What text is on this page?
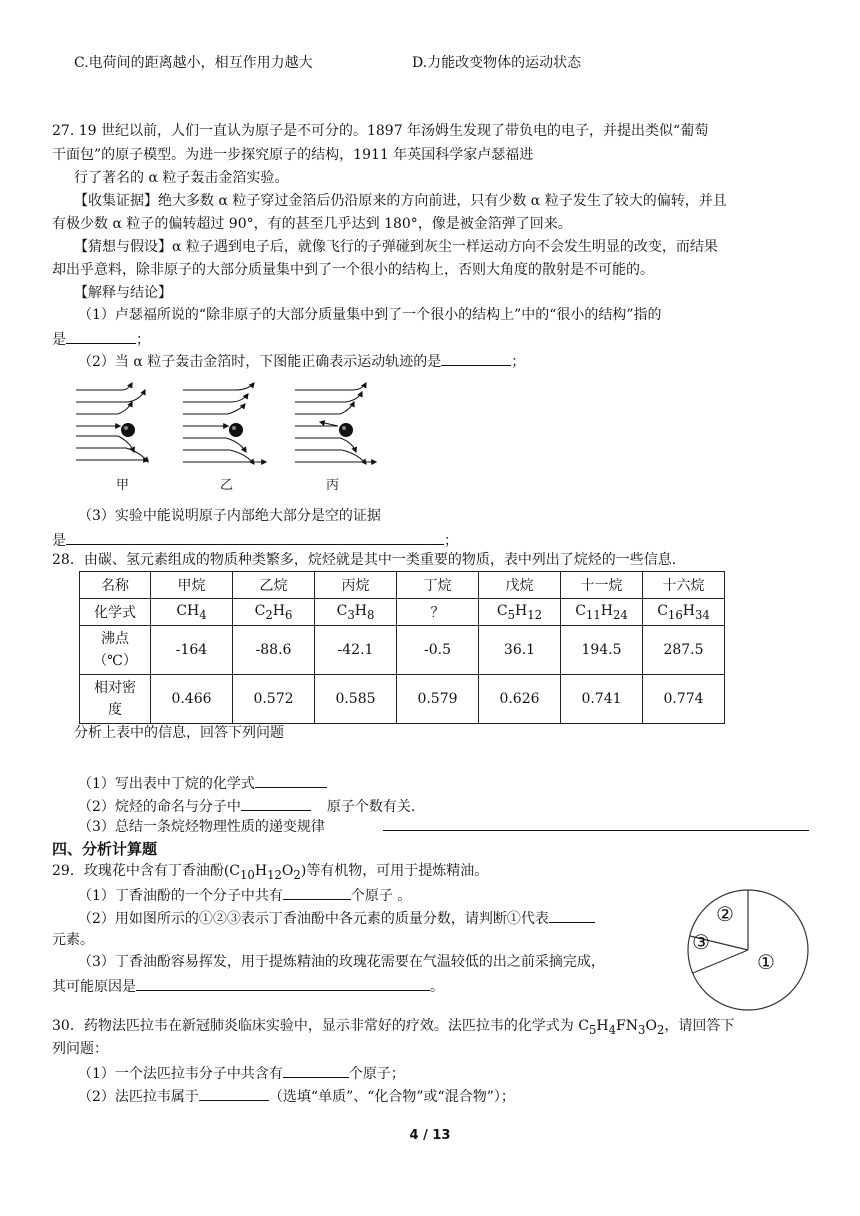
C.电荷间的距离越小，相互作用力越大	D.力能改变物体的运动状态
27. 19 世纪以前，人们一直认为原子是不可分的。1897 年汤姆生发现了带负电的电子，并提出类似“葡萄
干面包”的原子模型。为进一步探究原子的结构，1911 年英国科学家卢瑟福进
行了著名的 α 粒子轰击金箔实验。
【收集证据】绝大多数 α 粒子穿过金箔后仍沿原来的方向前进，只有少数 α 粒子发生了较大的偏转，并且
有极少数 α 粒子的偏转超过 90°，有的甚至几乎达到 180°，像是被金箔弹了回来。
【猜想与假设】α 粒子遇到电子后，就像飞行的子弹碰到灰尘一样运动方向不会发生明显的改变，而结果
却出乎意料，除非原子的大部分质量集中到了一个很小的结构上，否则大角度的散射是不可能的。
【解释与结论】
（1）卢瑟福所说的“除非原子的大部分质量集中到了一个很小的结构上”中的“很小的结构”指的
是	；
（2）当 α 粒子轰击金箔时，下图能正确表示运动轨迹的是	；
甲	乙	丙
（3）实验中能说明原子内部绝大部分是空的证据
是	；
28．由碳、氢元素组成的物质种类繁多，烷烃就是其中一类重要的物质，表中列出了烷烃的一些信息．
名称	甲烷	乙烷	丙烷	丁烷	戊烷	十一烷	十六烷
化学式	$CH_4$	$C_2H_6$	$C_3H_8$	？	$C_5H_{12}$	$C_{11}H_{24}$	$C_{16}H_{34}$
沸点（℃）	-164	-88.6	-42.1	-0.5	36.1	194.5	287.5
相对密度	0.466	0.572	0.585	0.579	0.626	0.741	0.774
分析上表中的信息，回答下列问题
（1）写出表中丁烷的化学式
（2）烷烃的命名与分子中	原子个数有关.
（3）总结一条烷烃物理性质的递变规律
四、分析计算题
29．玫瑰花中含有丁香油酚$(C_{10}H_{12}O_2)$等有机物，可用于提炼精油。
（1）丁香油酚的一个分子中共有	个原子 。
（2）用如图所示的①②③表示丁香油酚中各元素的质量分数，请判断①代表
元素。
（3）丁香油酚容易挥发，用于提炼精油的玫瑰花需要在气温较低的出之前采摘完成，
其可能原因是	。
①
②
③
30．药物法匹拉韦在新冠肺炎临床实验中，显示非常好的疗效。法匹拉韦的化学式为 $C_5H_4FN_3O_2$，请回答下
列问题：
（1）一个法匹拉韦分子中共含有	个原子；
（2）法匹拉韦属于	（选填“单质”、“化合物”或“混合物”）；
4 / 13
